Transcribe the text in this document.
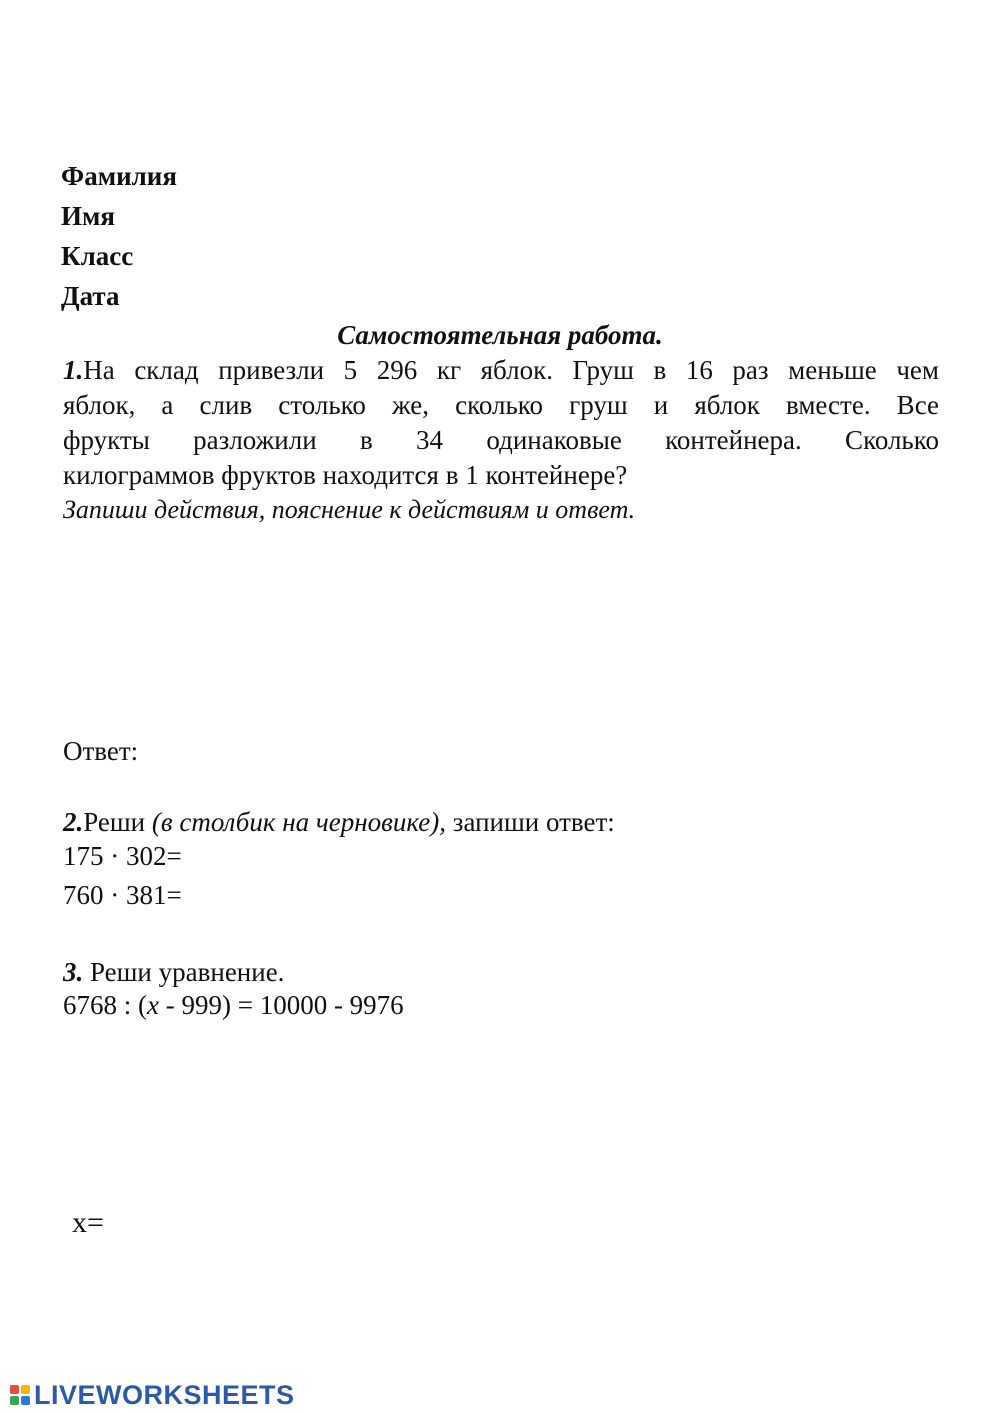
Фамилия
Имя
Класс
Дата
Самостоятельная работа.
1.На склад привезли 5 296 кг яблок. Груш в 16 раз меньше чем
яблок, а слив столько же, сколько груш и яблок вместе. Все
фрукты разложили в 34 одинаковые контейнера. Сколько
килограммов фруктов находится в 1 контейнере?
Запиши действия, пояснение к действиям и ответ.
Ответ:
2.Реши (в столбик на черновике), запиши ответ:
175 · 302=
760 · 381=
3. Реши уравнение.
6768 : (x - 999) = 10000 - 9976
x=
LIVEWORKSHEETS
